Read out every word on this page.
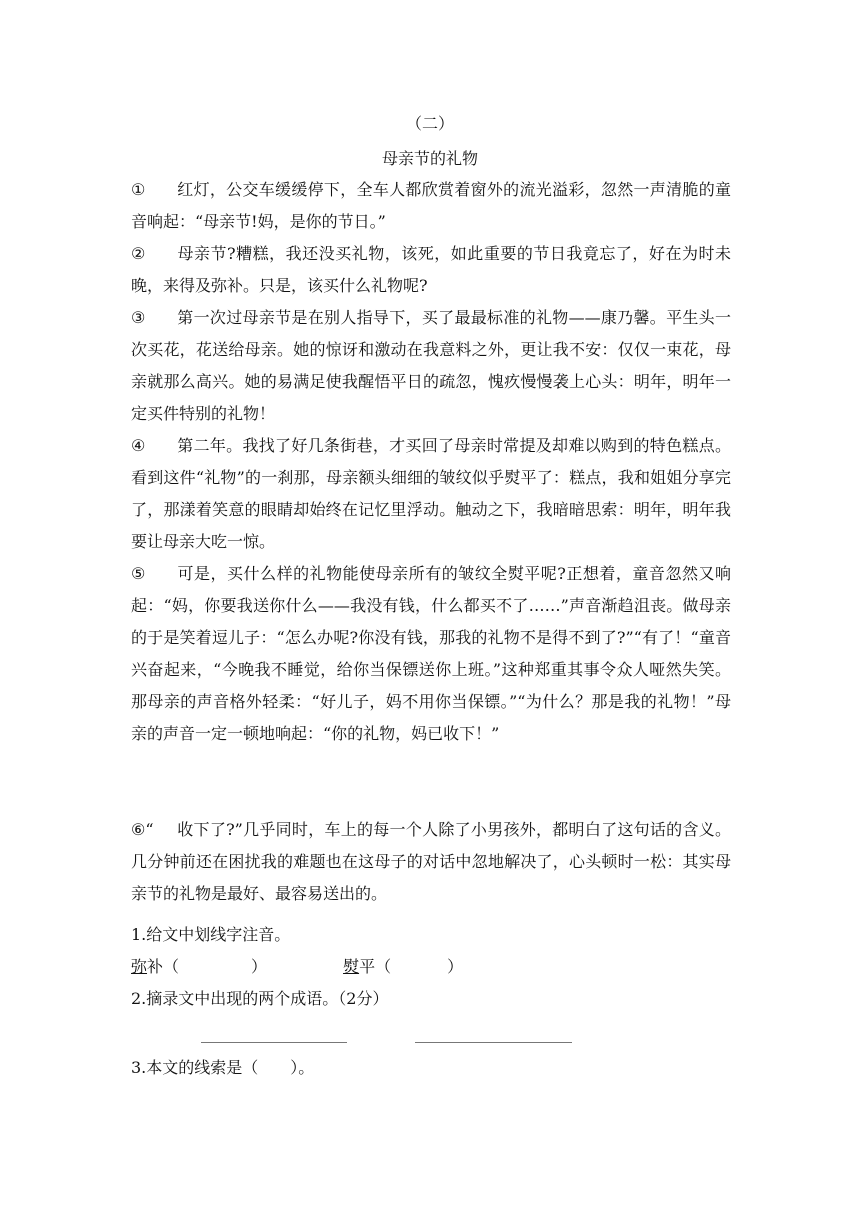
（二）
母亲节的礼物
① 红灯，公交车缓缓停下，全车人都欣赏着窗外的流光溢彩，忽然一声清脆的童音响起：“母亲节!妈，是你的节日。”
② 母亲节?糟糕，我还没买礼物，该死，如此重要的节日我竟忘了，好在为时未晚，来得及弥补。只是，该买什么礼物呢?
③ 第一次过母亲节是在别人指导下，买了最最标准的礼物——康乃馨。平生头一次买花，花送给母亲。她的惊讶和激动在我意料之外，更让我不安：仅仅一束花，母亲就那么高兴。她的易满足使我醒悟平日的疏忽，愧疚慢慢袭上心头：明年，明年一定买件特别的礼物！
④ 第二年。我找了好几条街巷，才买回了母亲时常提及却难以购到的特色糕点。看到这件“礼物”的一刹那，母亲额头细细的皱纹似乎熨平了：糕点，我和姐姐分享完了，那漾着笑意的眼睛却始终在记忆里浮动。触动之下，我暗暗思索：明年，明年我要让母亲大吃一惊。
⑤ 可是，买什么样的礼物能使母亲所有的皱纹全熨平呢?正想着，童音忽然又响起：“妈，你要我送你什么——我没有钱，什么都买不了……”声音渐趋沮丧。做母亲的于是笑着逗儿子：“怎么办呢?你没有钱，那我的礼物不是得不到了?”“有了！“童音兴奋起来，“今晚我不睡觉，给你当保镖送你上班。”这种郑重其事令众人哑然失笑。那母亲的声音格外轻柔：“好儿子，妈不用你当保镖。”“为什么？那是我的礼物！”母亲的声音一定一顿地响起：“你的礼物，妈已收下！”
⑥“ 收下了?”几乎同时，车上的每一个人除了小男孩外，都明白了这句话的含义。几分钟前还在困扰我的难题也在这母子的对话中忽地解决了，心头顿时一松：其实母亲节的礼物是最好、最容易送出的。
1.给文中划线字注音。
弥补（	）	熨平（	）
2.摘录文中出现的两个成语。（2分）
3.本文的线索是（　　）。
